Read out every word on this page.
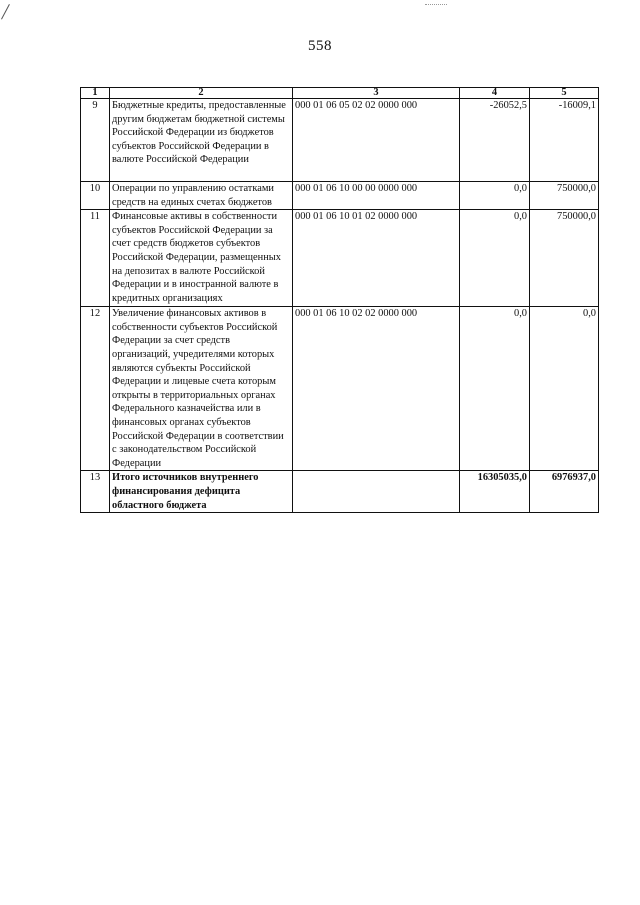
558
1	2	3	4	5
9	Бюджетные кредиты, предоставленные другим бюджетам бюджетной системы Российской Федерации из бюджетов субъектов Российской Федерации в валюте Российской Федерации	000 01 06 05 02 02 0000 000	-26052,5	-16009,1
10	Операции по управлению остатками средств на единых счетах бюджетов	000 01 06 10 00 00 0000 000	0,0	750000,0
11	Финансовые активы в собственности субъектов Российской Федерации за счет средств бюджетов субъектов Российской Федерации, размещенных на депозитах в валюте Российской Федерации и в иностранной валюте в кредитных организациях	000 01 06 10 01 02 0000 000	0,0	750000,0
12	Увеличение финансовых активов в собственности субъектов Российской Федерации за счет средств организаций, учредителями которых являются субъекты Российской Федерации и лицевые счета которым открыты в территориальных органах Федерального казначейства или в финансовых органах субъектов Российской Федерации в соответствии с законодательством Российской Федерации	000 01 06 10 02 02 0000 000	0,0	0,0
13	Итого источников внутреннего финансирования дефицита областного бюджета		16305035,0	6976937,0
